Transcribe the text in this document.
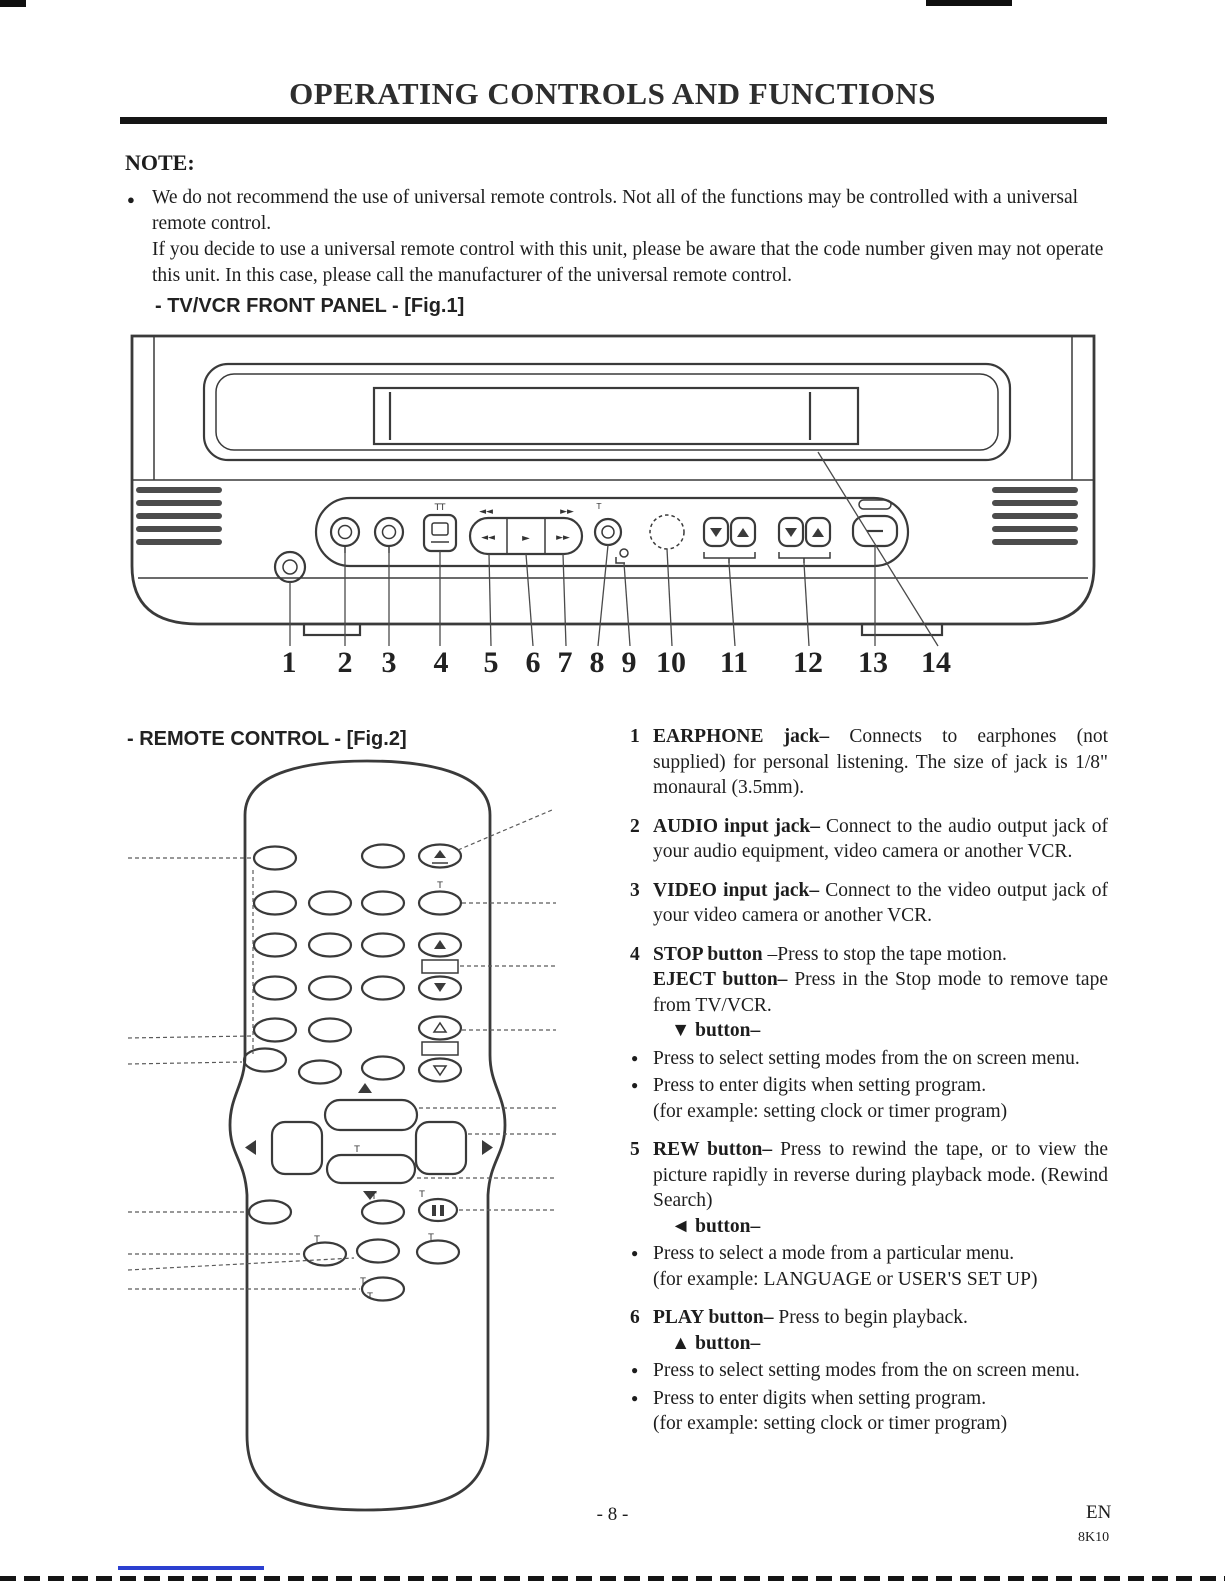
OPERATING CONTROLS AND FUNCTIONS
NOTE:

● We do not recommend the use of universal remote controls. Not all of the functions may be controlled with a universal remote control.

If you decide to use a universal remote control with this unit, please be aware that the code number given may not operate this unit. In this case, please call the manufacturer of the universal remote control.

- TV/VCR FRONT PANEL - [Fig.1]
TT	◄◄	►►
T
◄◄	►	►►
1 2 3 4 5 6 7 8 9 10 11 12 13 14
- REMOTE CONTROL - [Fig.2]
T
T
T	T
T	T
T
T
1 EARPHONE jack– Connects to earphones (not supplied) for personal listening. The size of jack is 1/8" monaural (3.5mm).

2 AUDIO input jack– Connect to the audio output jack of your audio equipment, video camera or another VCR.

3 VIDEO input jack– Connect to the video output jack of your video camera or another VCR.

4 STOP button –Press to stop the tape motion.

EJECT button– Press in the Stop mode to remove tape from TV/VCR.

▼ button–

● Press to select setting modes from the on screen menu.

● Press to enter digits when setting program.

(for example: setting clock or timer program)

5 REW button– Press to rewind the tape, or to view the picture rapidly in reverse during playback mode. (Rewind Search)

◄ button–

● Press to select a mode from a particular menu.

(for example: LANGUAGE or USER'S SET UP)

6 PLAY button– Press to begin playback.

▲ button–

● Press to select setting modes from the on screen menu.

● Press to enter digits when setting program.

(for example: setting clock or timer program)

- 8 -	EN
8K10
